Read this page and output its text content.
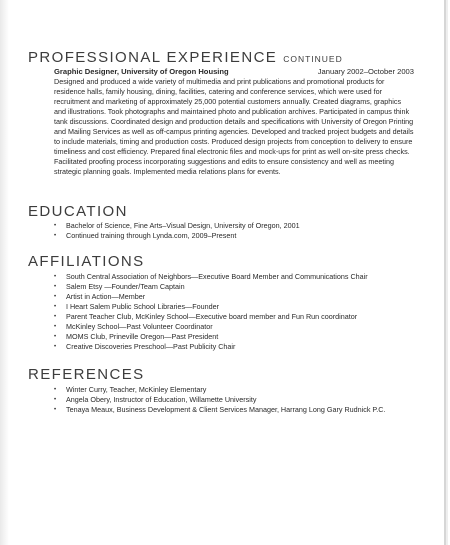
PROFESSIONAL EXPERIENCE CONTINUED
Graphic Designer, University of Oregon Housing	January 2002–October 2003
Designed and produced a wide variety of multimedia and print publications and promotional products for residence halls, family housing, dining, facilities, catering and conference services, which were used for recruitment and marketing of approximately 25,000 potential customers annually. Created diagrams, graphics and illustrations. Took photographs and maintained photo and publication archives. Participated in campus think tank discussions. Coordinated design and production details and specifications with University of Oregon Printing and Mailing Services as well as off-campus printing agencies. Developed and tracked project budgets and details to include materials, timing and production costs. Produced design projects from conception to delivery to ensure timeliness and cost efficiency. Prepared final electronic files and mock-ups for print as well on-site press checks. Facilitated proofing process incorporating suggestions and edits to ensure consistency and well as meeting strategic planning goals. Implemented media relations plans for events.
EDUCATION
• Bachelor of Science, Fine Arts–Visual Design, University of Oregon, 2001
• Continued training through Lynda.com, 2009–Present
AFFILIATIONS
• South Central Association of Neighbors—Executive Board Member and Communications Chair
• Salem Etsy —Founder/Team Captain
• Artist in Action—Member
• I Heart Salem Public School Libraries—Founder
• Parent Teacher Club, McKinley School—Executive board member and Fun Run coordinator
• McKinley School—Past Volunteer Coordinator
• MOMS Club, Prineville Oregon—Past President
• Creative Discoveries Preschool—Past Publicity Chair
REFERENCES
• Winter Curry, Teacher, McKinley Elementary
• Angela Obery, Instructor of Education, Willamette University
• Tenaya Meaux, Business Development & Client Services Manager, Harrang Long Gary Rudnick P.C.
